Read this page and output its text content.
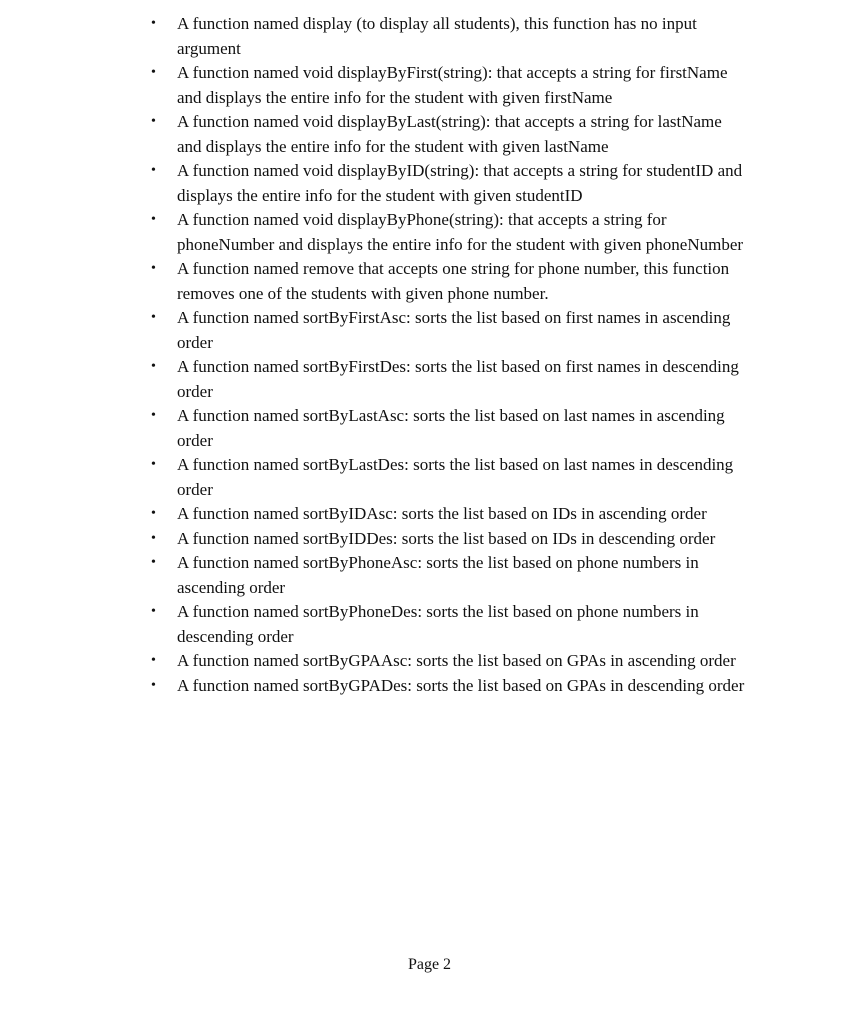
• A function named display (to display all students), this function has no input argument
• A function named void displayByFirst(string): that accepts a string for firstName and displays the entire info for the student with given firstName
• A function named void displayByLast(string): that accepts a string for lastName and displays the entire info for the student with given lastName
• A function named void displayByID(string): that accepts a string for studentID and displays the entire info for the student with given studentID
• A function named void displayByPhone(string): that accepts a string for phoneNumber and displays the entire info for the student with given phoneNumber
• A function named remove that accepts one string for phone number, this function removes one of the students with given phone number.
• A function named sortByFirstAsc: sorts the list based on first names in ascending order
• A function named sortByFirstDes: sorts the list based on first names in descending order
• A function named sortByLastAsc: sorts the list based on last names in ascending order
• A function named sortByLastDes: sorts the list based on last names in descending order
• A function named sortByIDAsc: sorts the list based on IDs in ascending order
• A function named sortByIDDes: sorts the list based on IDs in descending order
• A function named sortByPhoneAsc: sorts the list based on phone numbers in ascending order
• A function named sortByPhoneDes: sorts the list based on phone numbers in descending order
• A function named sortByGPAAsc: sorts the list based on GPAs in ascending order
• A function named sortByGPADes: sorts the list based on GPAs in descending order
Page 2
